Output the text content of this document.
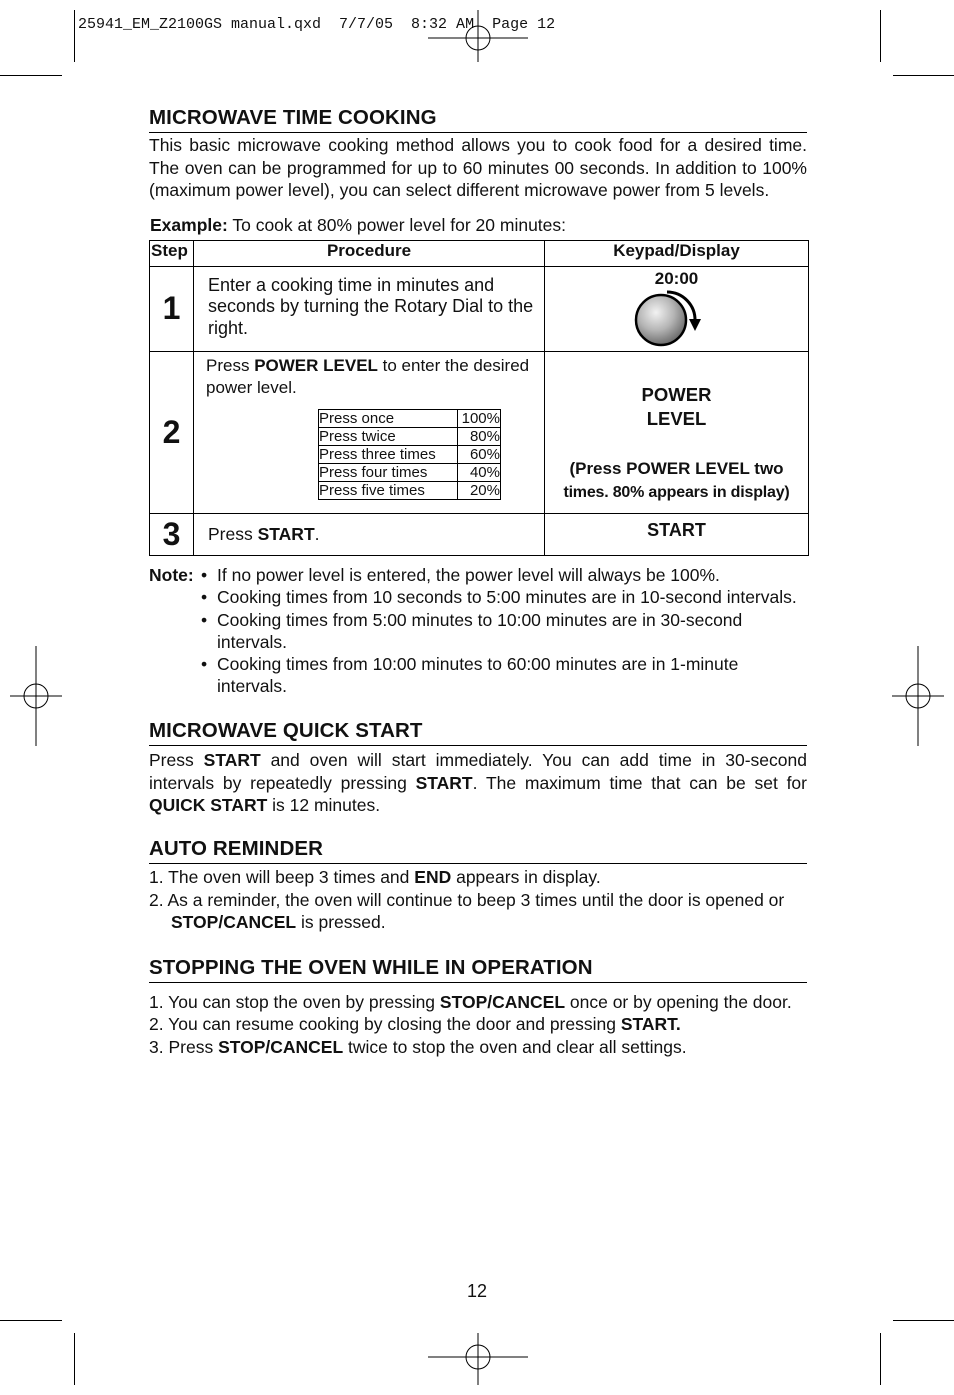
25941_EM_Z2100GS manual.qxd  7/7/05  8:32 AM  Page 12
MICROWAVE TIME COOKING

This basic microwave cooking method allows you to cook food for a desired time. The oven can be programmed for up to 60 minutes 00 seconds. In addition to 100% (maximum power level), you can select different microwave power from 5 levels.

Example: To cook at 80% power level for 20 minutes:
Step	Procedure	Keypad/Display
1	
Enter a cooking time in minutes and seconds by turning the Rotary Dial to the right.

20:00

2	
Press POWER LEVEL to enter the desired power level.
Press once	100%
Press twice	80%
Press three times	60%
Press four times	40%
Press five times	20%

POWER
LEVEL
(Press POWER LEVEL two
times. 80% appears in display)

3	Press START.	START
Note:
•	If no power level is entered, the power level will always be 100%.
• Cooking times from 10 seconds to 5:00 minutes are in 10-second intervals.
• Cooking times from 5:00 minutes to 10:00 minutes are in 30-second intervals.
• Cooking times from 10:00 minutes to 60:00 minutes are in 1-minute intervals.
MICROWAVE QUICK START

Press START and oven will start immediately. You can add time in 30-second intervals by repeatedly pressing START. The maximum time that can be set for QUICK START is 12 minutes.

AUTO REMINDER
1. The oven will beep 3 times and END appears in display.
2. As a reminder, the oven will continue to beep 3 times until the door is opened or STOP/CANCEL is pressed.
STOPPING THE OVEN WHILE IN OPERATION
1. You can stop the oven by pressing STOP/CANCEL once or by opening the door.
2. You can resume cooking by closing the door and pressing START.
3. Press STOP/CANCEL twice to stop the oven and clear all settings.
12
